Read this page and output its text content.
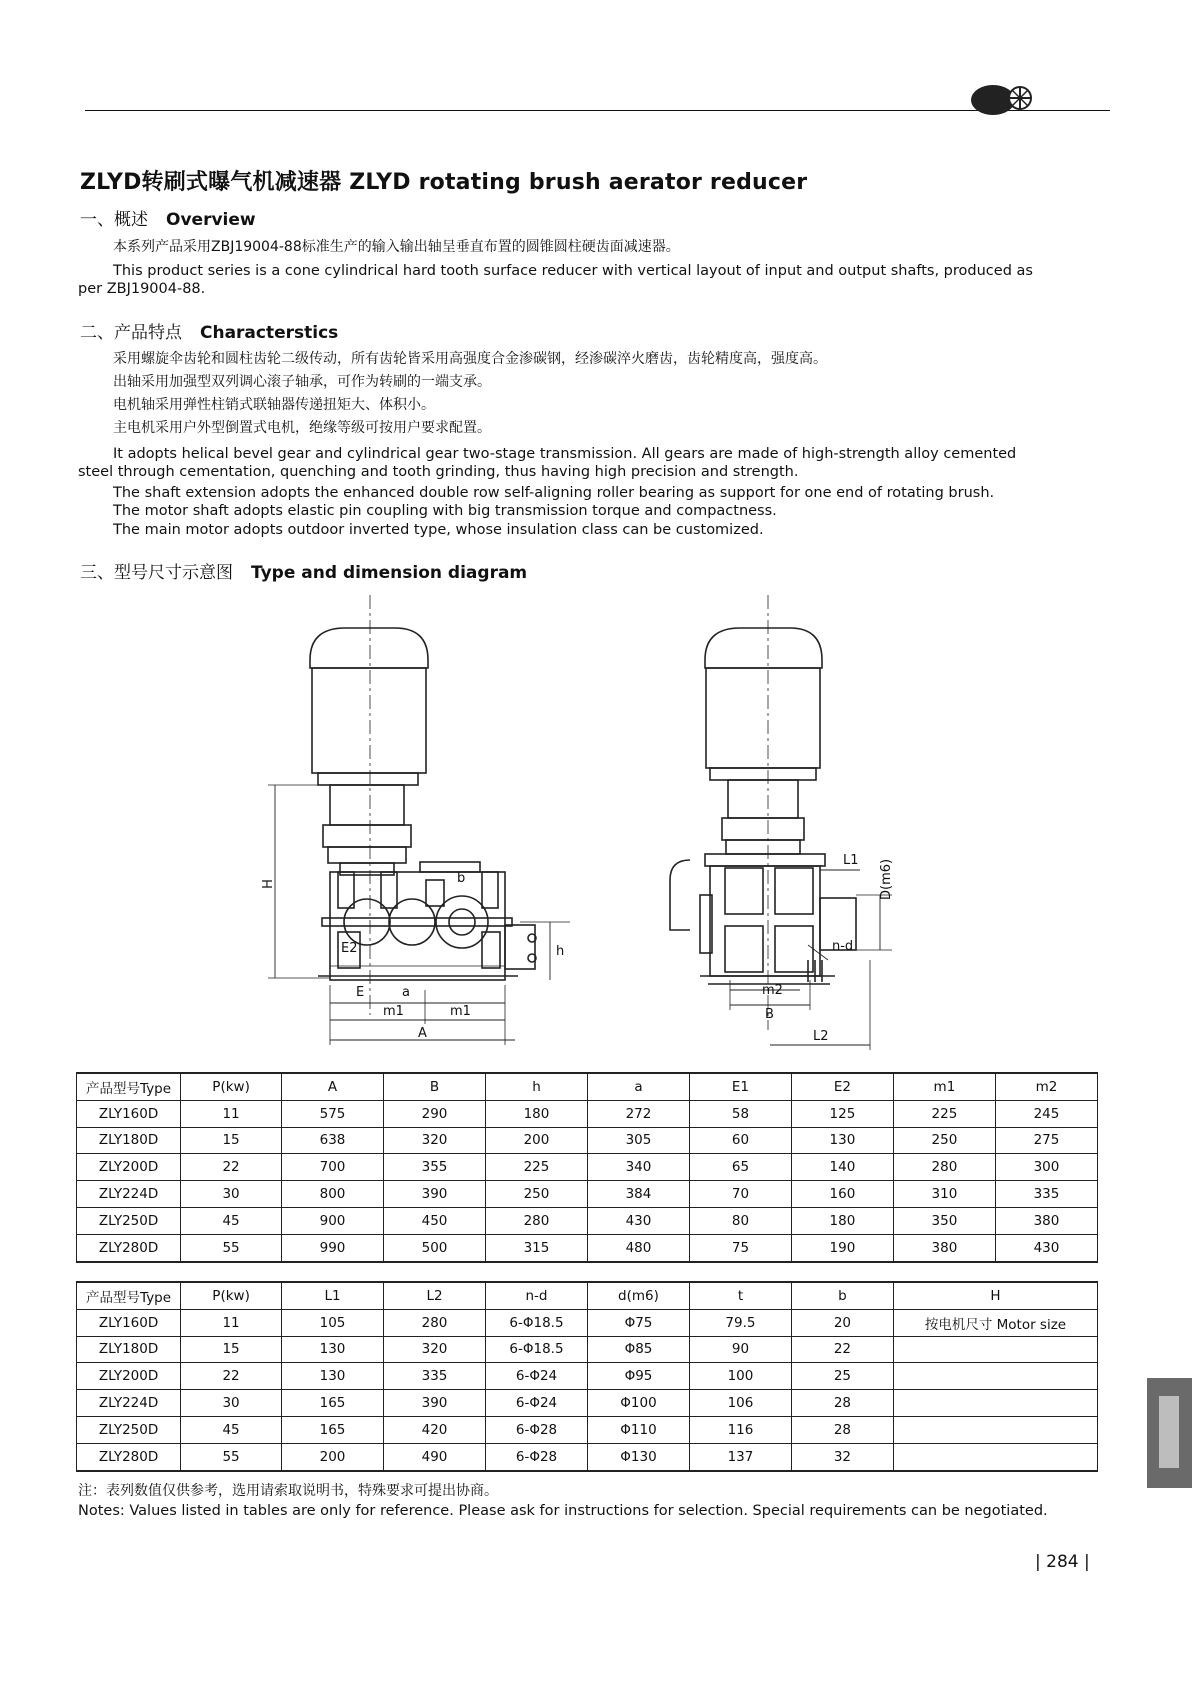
ZLYD转刷式曝气机减速器 ZLYD rotating brush aerator reducer
一、概述 Overview
本系列产品采用ZBJ19004-88标准生产的输入输出轴呈垂直布置的圆锥圆柱硬齿面减速器。
This product series is a cone cylindrical hard tooth surface reducer with vertical layout of input and output shafts, produced as
per ZBJ19004-88.
二、产品特点 Characterstics
采用螺旋伞齿轮和圆柱齿轮二级传动，所有齿轮皆采用高强度合金渗碳钢，经渗碳淬火磨齿，齿轮精度高，强度高。
出轴采用加强型双列调心滚子轴承，可作为转刷的一端支承。
电机轴采用弹性柱销式联轴器传递扭矩大、体积小。
主电机采用户外型倒置式电机，绝缘等级可按用户要求配置。
It adopts helical bevel gear and cylindrical gear two-stage transmission. All gears are made of high-strength alloy cemented
steel through cementation, quenching and tooth grinding, thus having high precision and strength.
The shaft extension adopts the enhanced double row self-aligning roller bearing as support for one end of rotating brush.
The motor shaft adopts elastic pin coupling with big transmission torque and compactness.
The main motor adopts outdoor inverted type, whose insulation class can be customized.
三、型号尺寸示意图 Type and dimension diagram
H
h
E2
E	a
m1	m1
A
b
L1 D(m6)
n-d
m2
B
L2
产品型号Type	P(kw)	A	B	h	a	E1	E2	m1	m2
ZLY160D	11	575	290	180	272	58	125	225	245
ZLY180D	15	638	320	200	305	60	130	250	275
ZLY200D	22	700	355	225	340	65	140	280	300
ZLY224D	30	800	390	250	384	70	160	310	335
ZLY250D	45	900	450	280	430	80	180	350	380
ZLY280D	55	990	500	315	480	75	190	380	430
产品型号Type	P(kw)	L1	L2	n-d	d(m6)	t	b	H
ZLY160D	11	105	280	6-Φ18.5	Φ75	79.5	20	按电机尺寸 Motor size
ZLY180D	15	130	320	6-Φ18.5	Φ85	90	22	
ZLY200D	22	130	335	6-Φ24	Φ95	100	25	
ZLY224D	30	165	390	6-Φ24	Φ100	106	28	
ZLY250D	45	165	420	6-Φ28	Φ110	116	28	
ZLY280D	55	200	490	6-Φ28	Φ130	137	32	
注：表列数值仅供参考，选用请索取说明书，特殊要求可提出协商。
Notes: Values listed in tables are only for reference. Please ask for instructions for selection. Special requirements can be negotiated.
| 284 |
